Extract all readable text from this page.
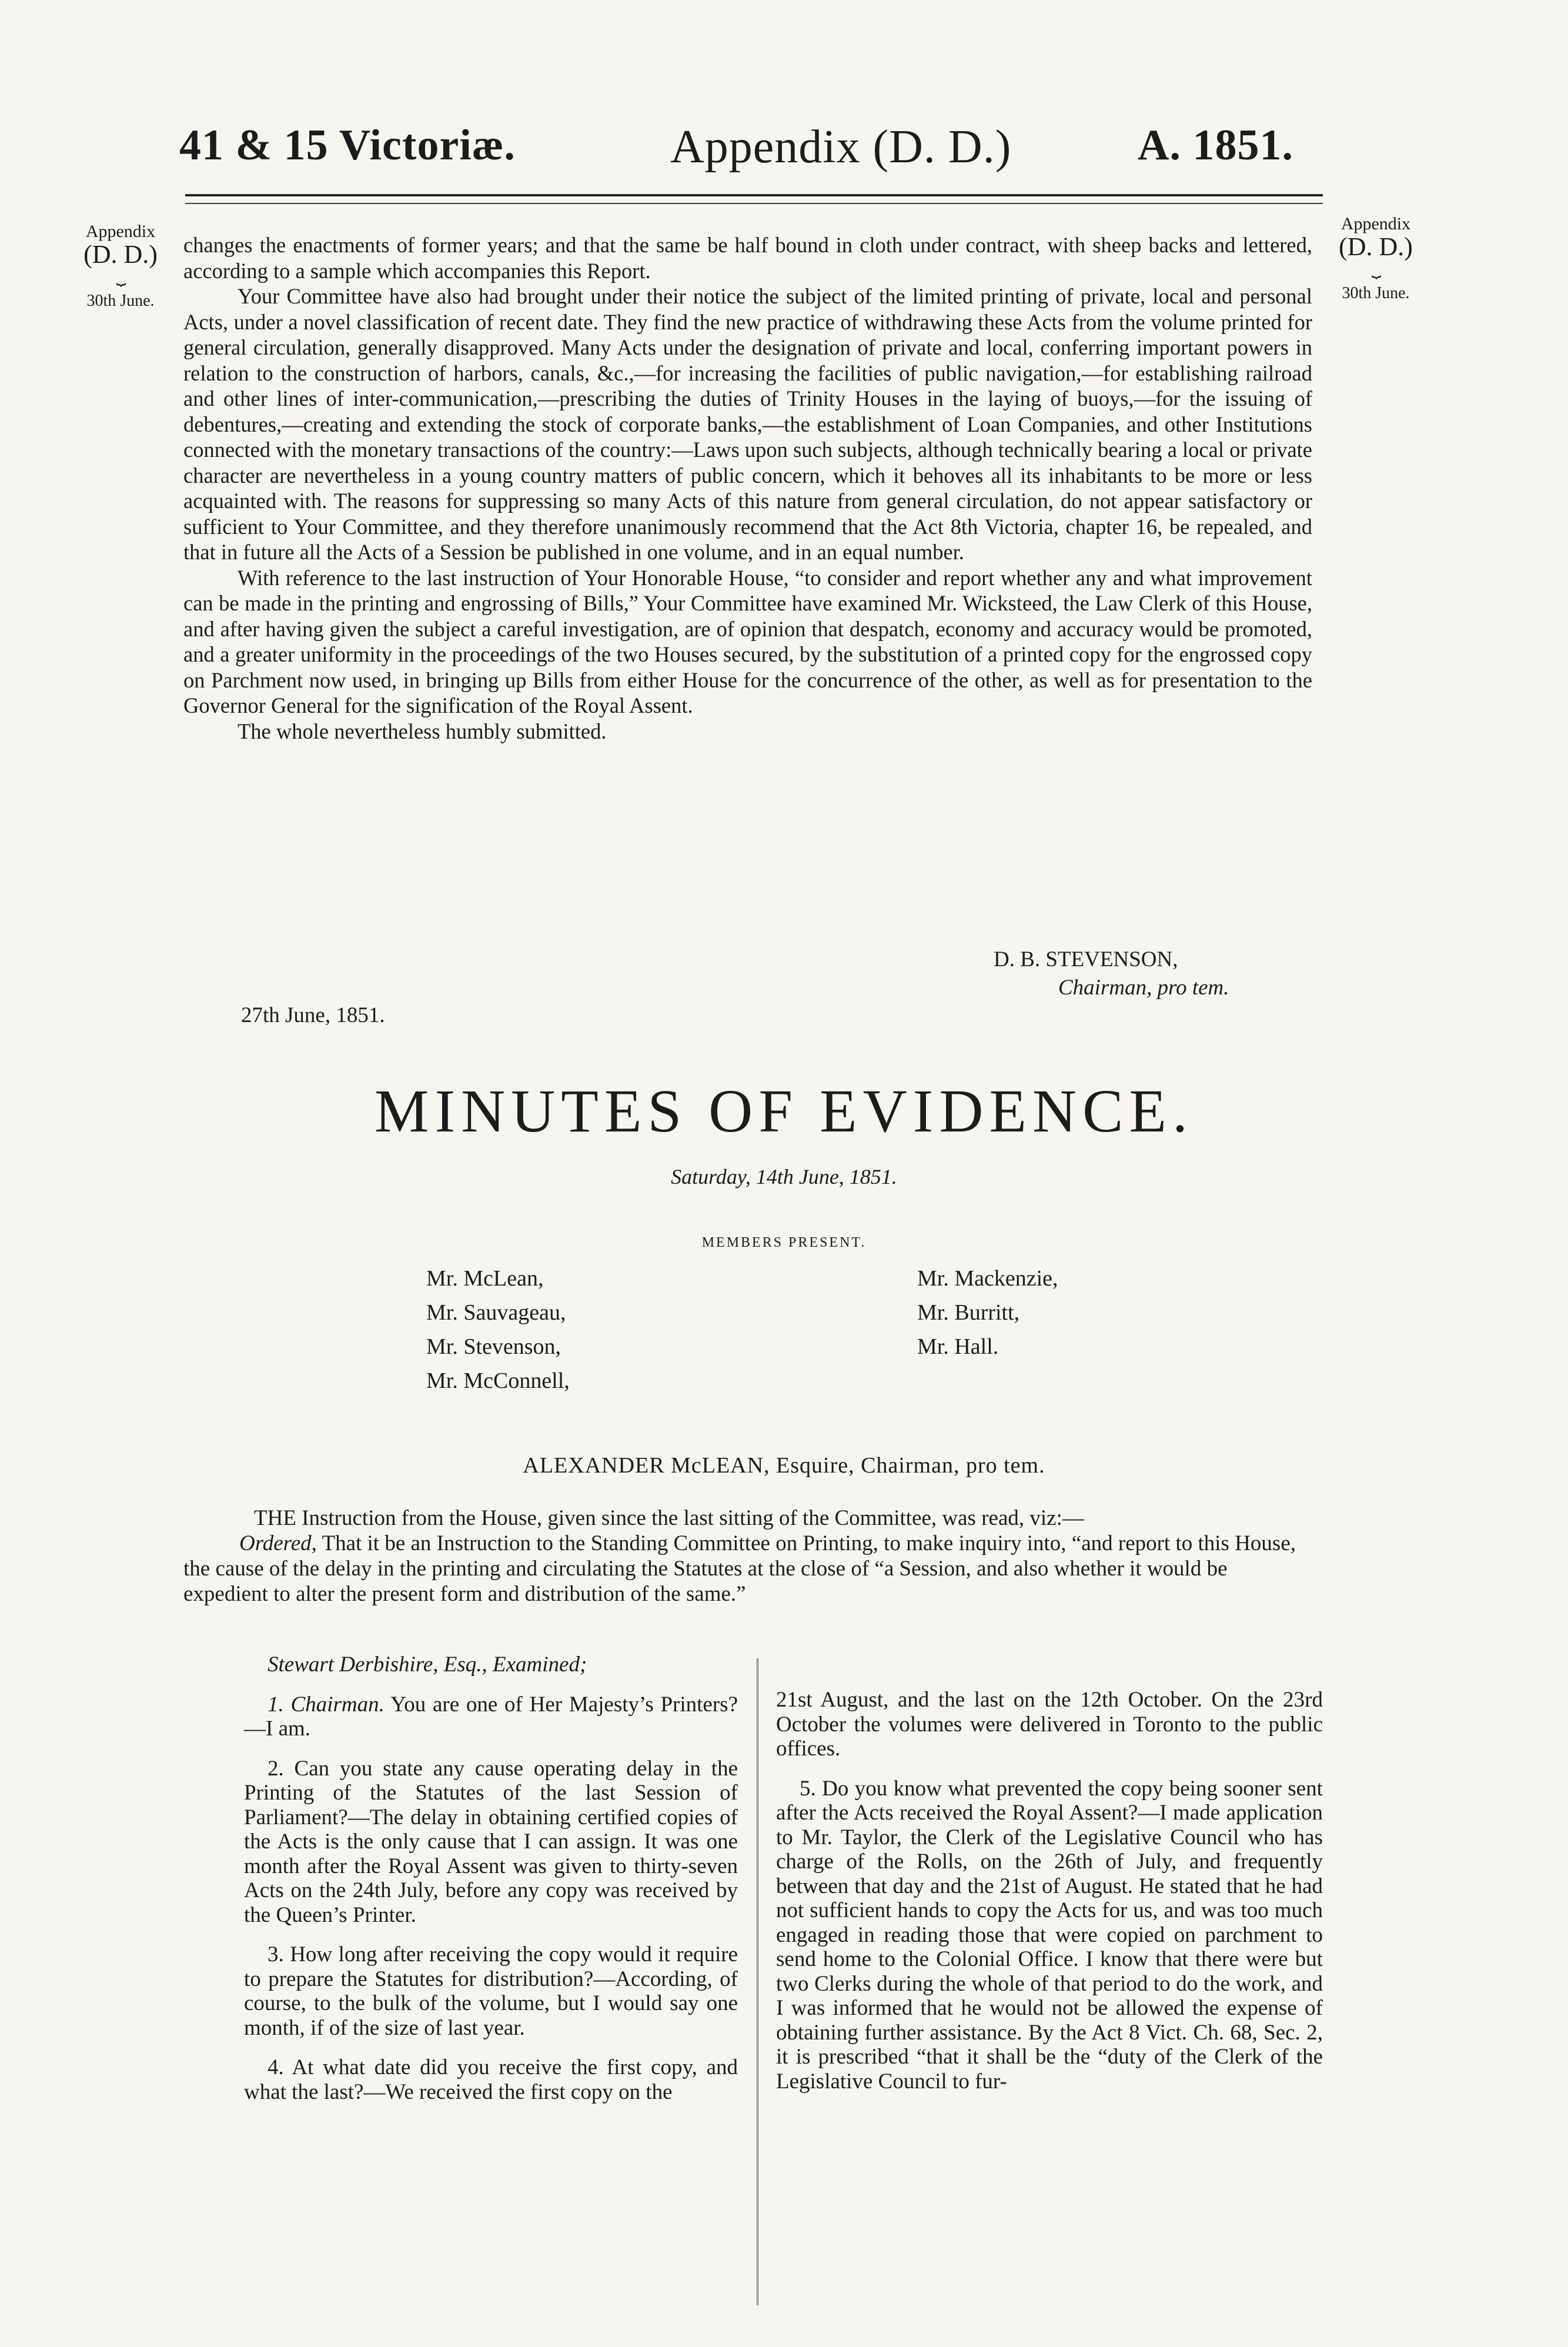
41 & 15 Victoriæ.	Appendix (D. D.)	A. 1851.
Appendix
(D. D.)
⏟
30th June.
Appendix
(D. D.)
⏟
30th June.

changes the enactments of former years; and that the same be half bound in cloth under contract, with sheep backs and lettered, according to a sample which accompanies this Report.

Your Committee have also had brought under their notice the subject of the limited printing of private, local and personal Acts, under a novel classification of recent date. They find the new practice of withdrawing these Acts from the volume printed for general circulation, generally disapproved. Many Acts under the designation of private and local, conferring important powers in relation to the construction of harbors, canals, &c.,—for increasing the facilities of public navigation,—for establishing railroad and other lines of inter-communication,—prescribing the duties of Trinity Houses in the laying of buoys,—for the issuing of debentures,—creating and extending the stock of corporate banks,—the establishment of Loan Companies, and other Institutions connected with the monetary transactions of the country:—Laws upon such subjects, although technically bearing a local or private character are nevertheless in a young country matters of public concern, which it behoves all its inhabitants to be more or less acquainted with. The reasons for suppressing so many Acts of this nature from general circulation, do not appear satisfactory or sufficient to Your Committee, and they therefore unanimously recommend that the Act 8th Victoria, chapter 16, be repealed, and that in future all the Acts of a Session be published in one volume, and in an equal number.

With reference to the last instruction of Your Honorable House, “to consider and report whether any and what improvement can be made in the printing and engrossing of Bills,” Your Committee have examined Mr. Wicksteed, the Law Clerk of this House, and after having given the subject a careful investigation, are of opinion that despatch, economy and accuracy would be promoted, and a greater uniformity in the proceedings of the two Houses secured, by the substitution of a printed copy for the engrossed copy on Parchment now used, in bringing up Bills from either House for the concurrence of the other, as well as for presentation to the Governor General for the signification of the Royal Assent.

The whole nevertheless humbly submitted.

D. B. STEVENSON,
Chairman, pro tem.
27th June, 1851.
MINUTES OF EVIDENCE.
Saturday, 14th June, 1851.
MEMBERS PRESENT.
Mr. McLean,
Mr. Sauvageau,
Mr. Stevenson,
Mr. McConnell,
Mr. Mackenzie,
Mr. Burritt,
Mr. Hall.
ALEXANDER McLEAN, Esquire, Chairman, pro tem.

THE Instruction from the House, given since the last sitting of the Committee, was read, viz:—

Ordered, That it be an Instruction to the Standing Committee on Printing, to make inquiry into, “and report to this House, the cause of the delay in the printing and circulating the Statutes at the close of “a Session, and also whether it would be expedient to alter the present form and distribution of the same.”

Stewart Derbishire, Esq., Examined;

1. Chairman. You are one of Her Majesty’s Printers?—I am.

2. Can you state any cause operating delay in the Printing of the Statutes of the last Session of Parliament?—The delay in obtaining certified copies of the Acts is the only cause that I can assign. It was one month after the Royal Assent was given to thirty-seven Acts on the 24th July, before any copy was received by the Queen’s Printer.

3. How long after receiving the copy would it require to prepare the Statutes for distribution?—According, of course, to the bulk of the volume, but I would say one month, if of the size of last year.

4. At what date did you receive the first copy, and what the last?—We received the first copy on the

21st August, and the last on the 12th October. On the 23rd October the volumes were delivered in Toronto to the public offices.

5. Do you know what prevented the copy being sooner sent after the Acts received the Royal Assent?—I made application to Mr. Taylor, the Clerk of the Legislative Council who has charge of the Rolls, on the 26th of July, and frequently between that day and the 21st of August. He stated that he had not sufficient hands to copy the Acts for us, and was too much engaged in reading those that were copied on parchment to send home to the Colonial Office. I know that there were but two Clerks during the whole of that period to do the work, and I was informed that he would not be allowed the expense of obtaining further assistance. By the Act 8 Vict. Ch. 68, Sec. 2, it is prescribed “that it shall be the “duty of the Clerk of the Legislative Council to fur-
